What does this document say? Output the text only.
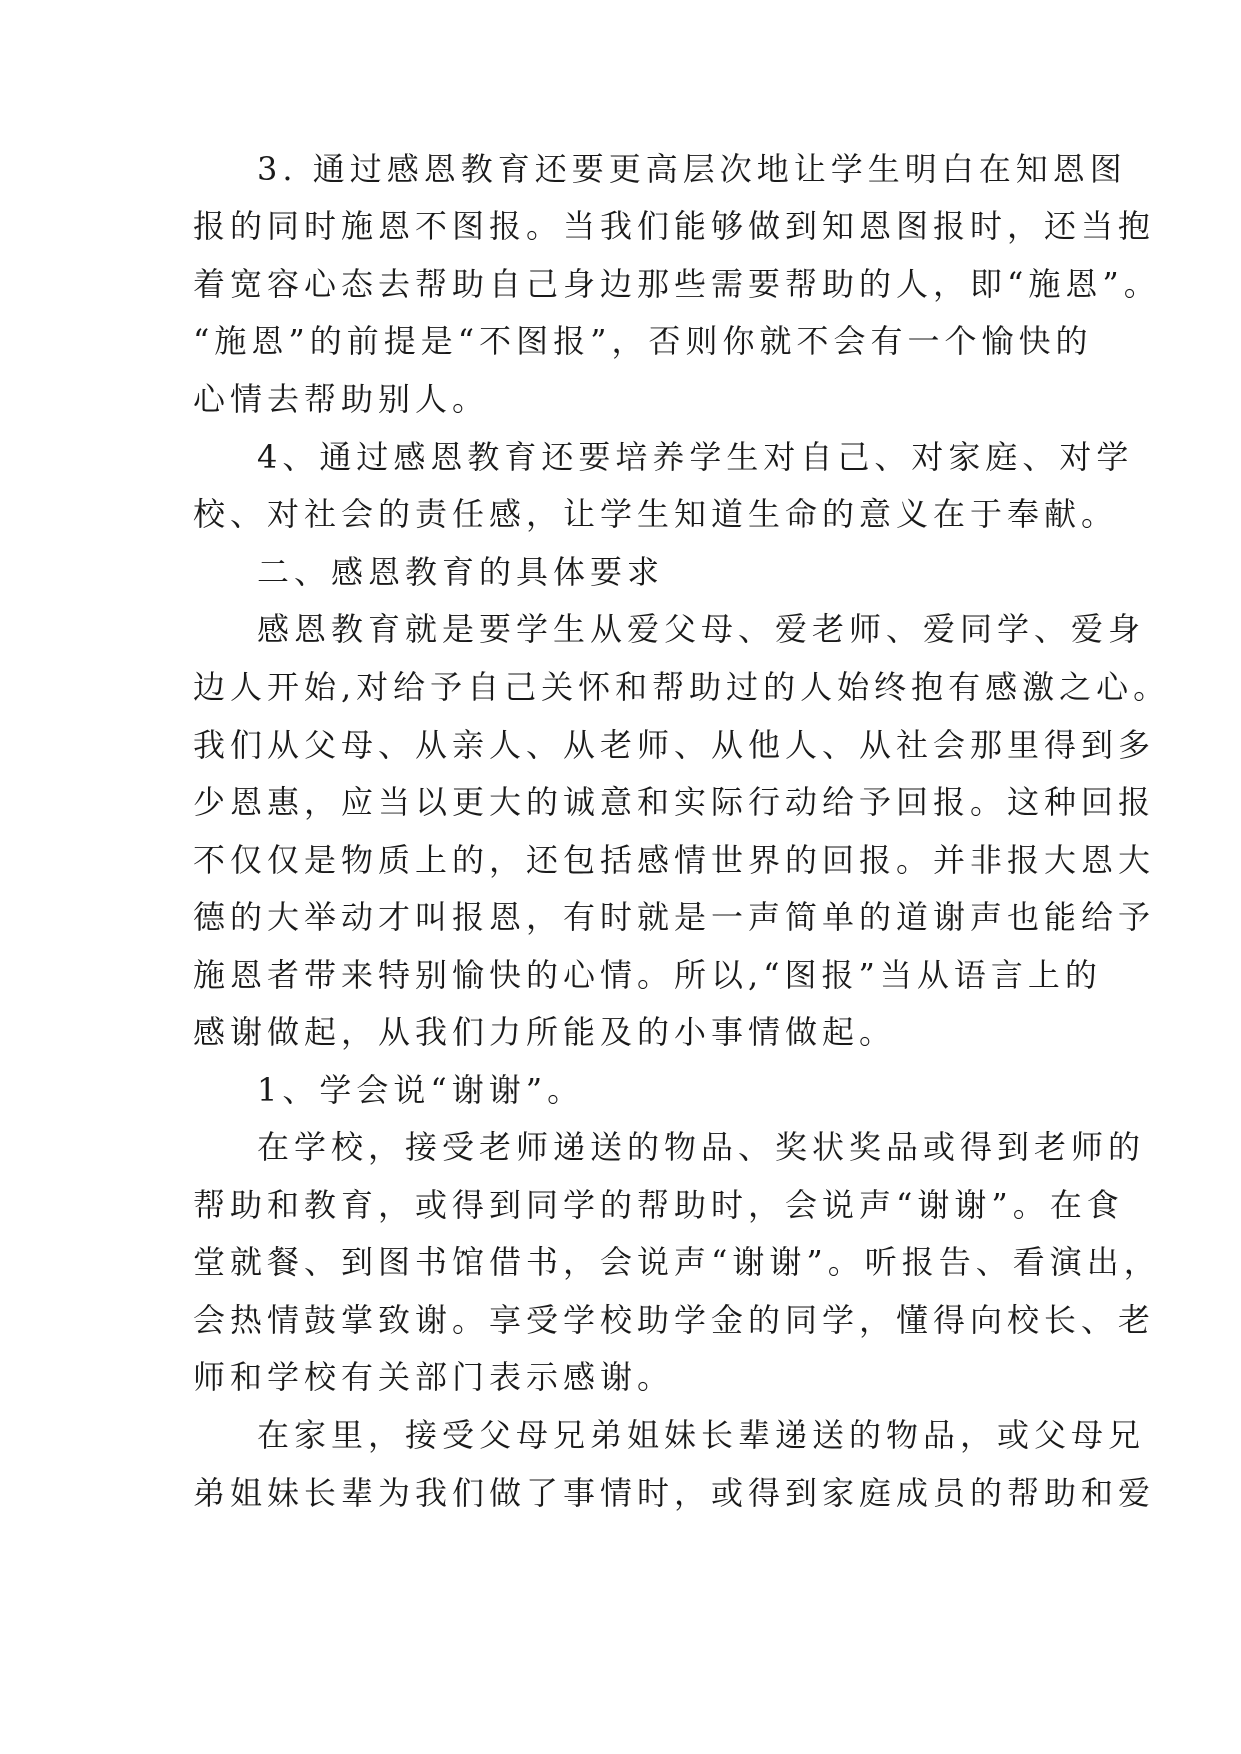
3. 通过感恩教育还要更高层次地让学生明白在知恩图
报的同时施恩不图报。当我们能够做到知恩图报时，还当抱
着宽容心态去帮助自己身边那些需要帮助的人，即“施恩”。
“施恩”的前提是“不图报”，否则你就不会有一个愉快的
心情去帮助别人。
4、通过感恩教育还要培养学生对自己、对家庭、对学
校、对社会的责任感，让学生知道生命的意义在于奉献。
二、感恩教育的具体要求
感恩教育就是要学生从爱父母、爱老师、爱同学、爱身
边人开始,对给予自己关怀和帮助过的人始终抱有感激之心。
我们从父母、从亲人、从老师、从他人、从社会那里得到多
少恩惠，应当以更大的诚意和实际行动给予回报。这种回报
不仅仅是物质上的，还包括感情世界的回报。并非报大恩大
德的大举动才叫报恩，有时就是一声简单的道谢声也能给予
施恩者带来特别愉快的心情。所以,“图报”当从语言上的
感谢做起，从我们力所能及的小事情做起。
1、学会说“谢谢”。
在学校，接受老师递送的物品、奖状奖品或得到老师的
帮助和教育，或得到同学的帮助时，会说声“谢谢”。在食
堂就餐、到图书馆借书，会说声“谢谢”。听报告、看演出，
会热情鼓掌致谢。享受学校助学金的同学，懂得向校长、老
师和学校有关部门表示感谢。
在家里，接受父母兄弟姐妹长辈递送的物品，或父母兄
弟姐妹长辈为我们做了事情时，或得到家庭成员的帮助和爱
